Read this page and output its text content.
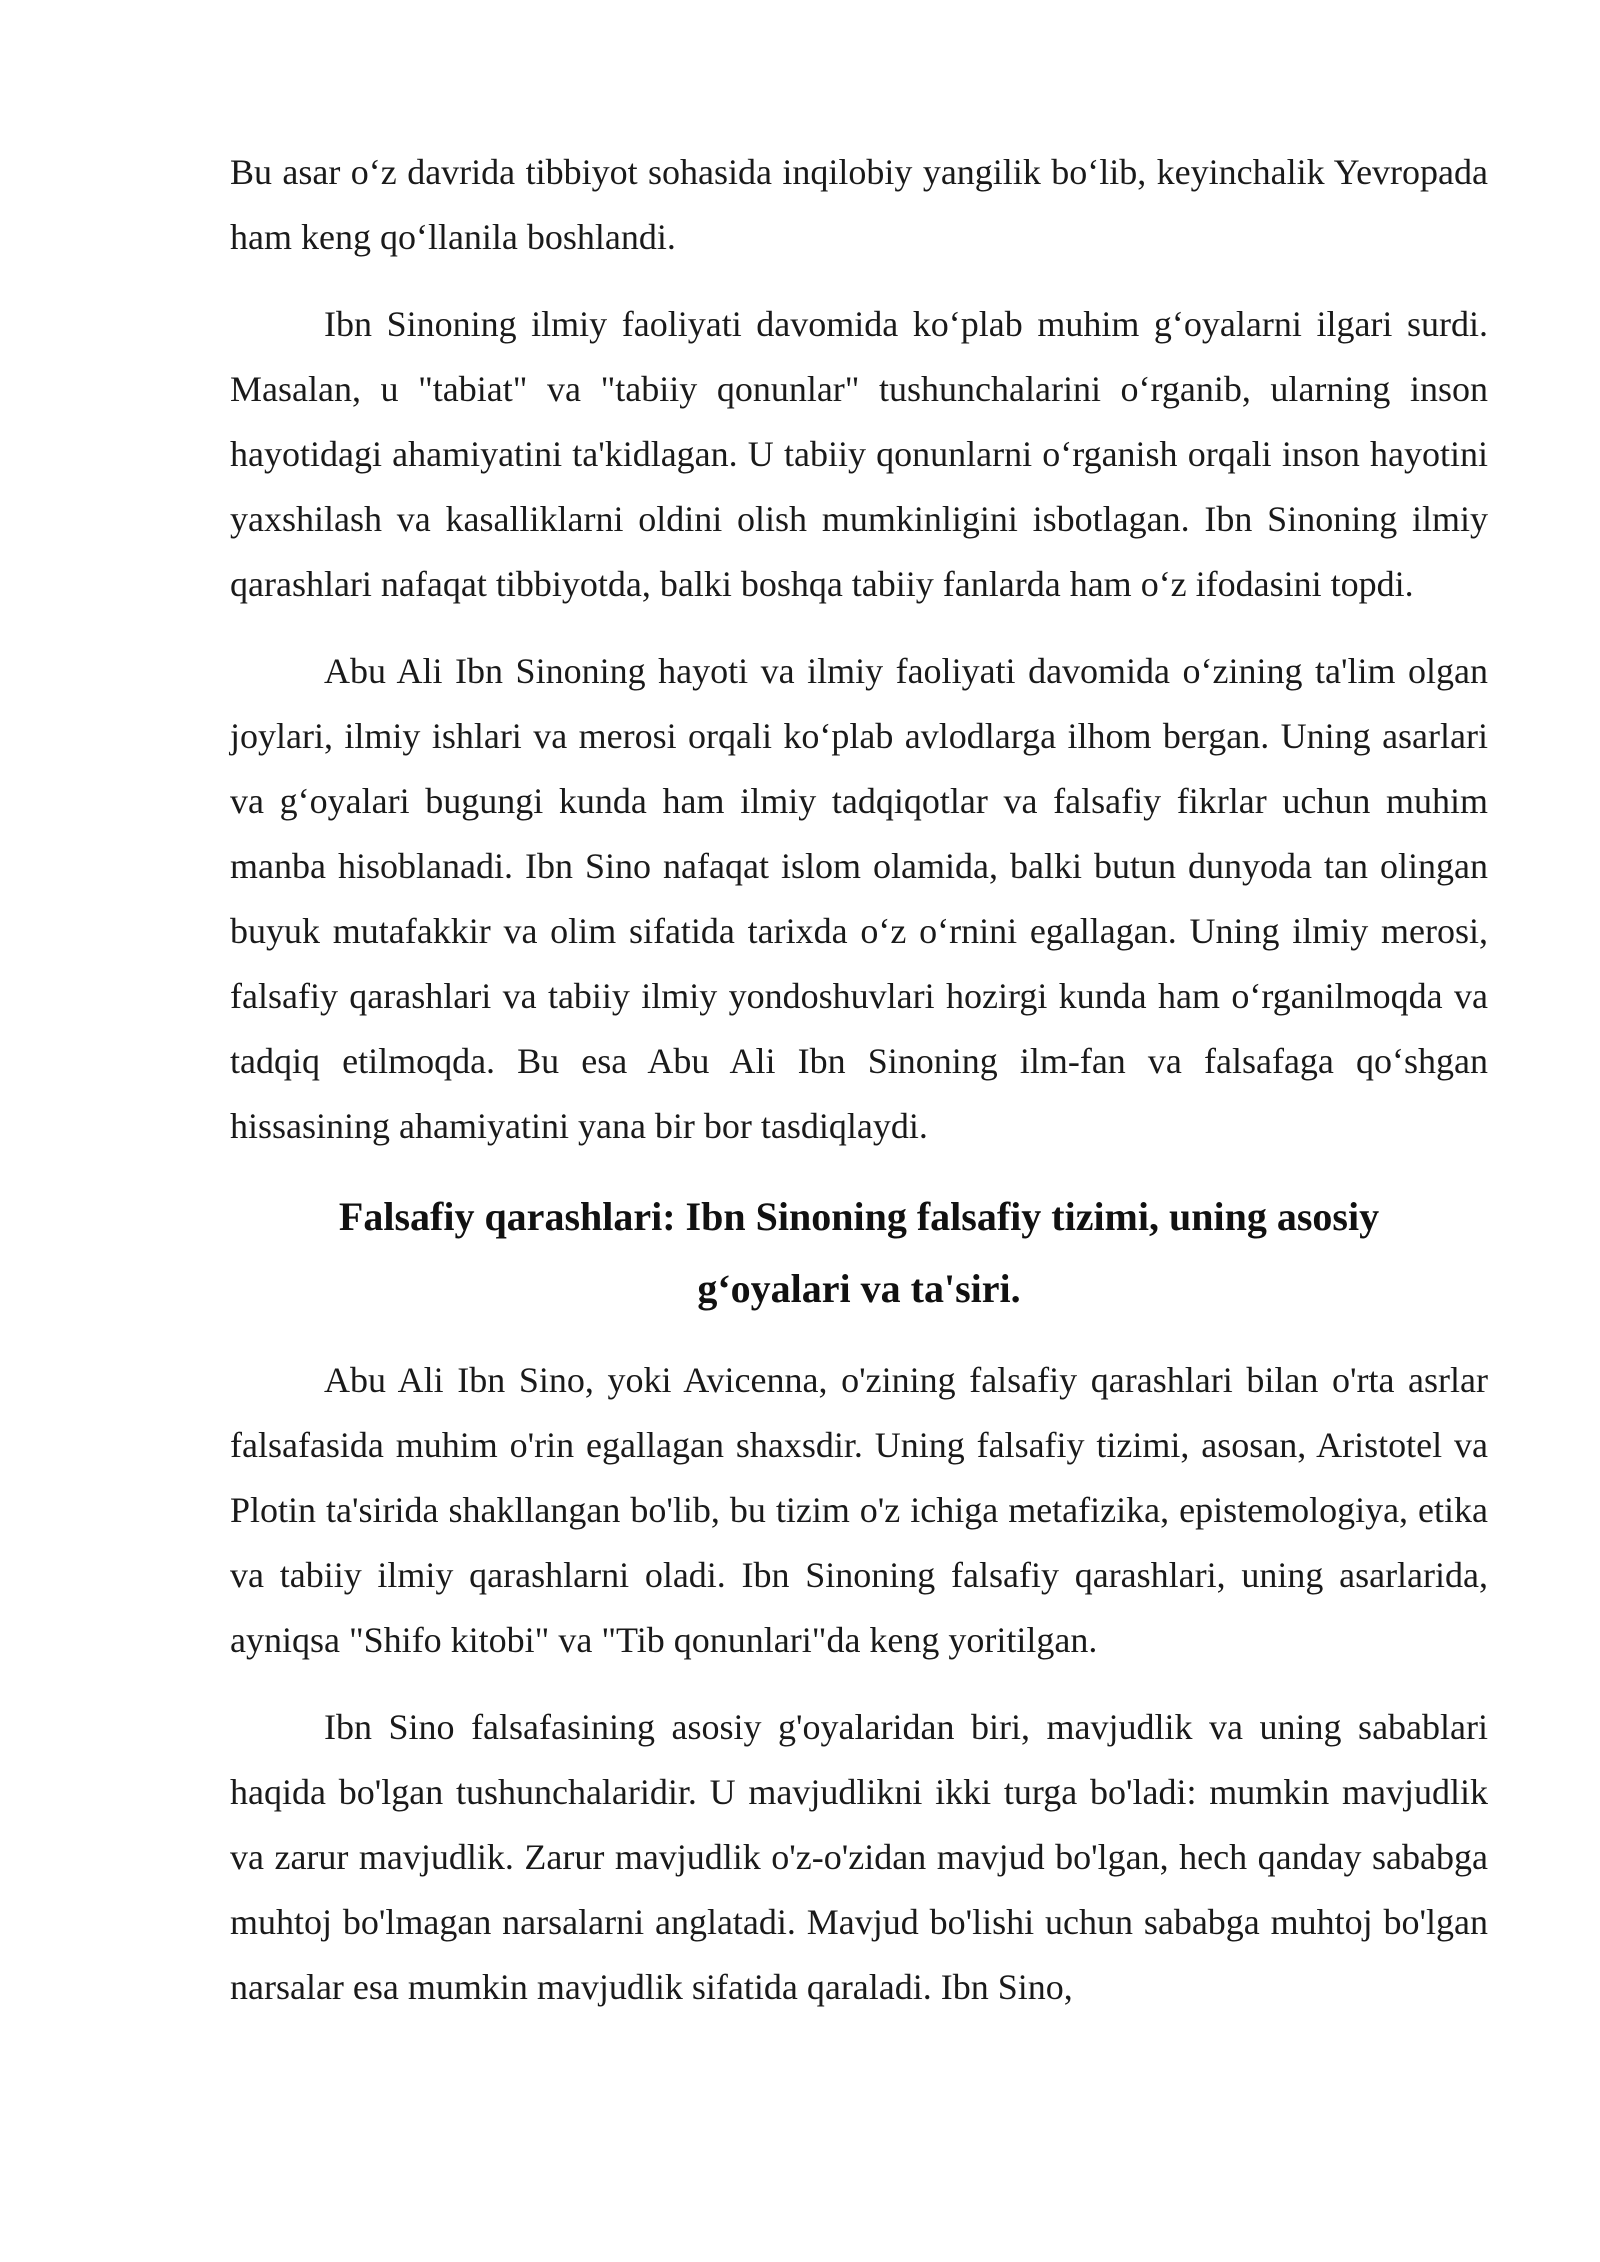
Bu asar o‘z davrida tibbiyot sohasida inqilobiy yangilik bo‘lib, keyinchalik Yevropada ham keng qo‘llanila boshlandi.

Ibn Sinoning ilmiy faoliyati davomida ko‘plab muhim g‘oyalarni ilgari surdi. Masalan, u "tabiat" va "tabiiy qonunlar" tushunchalarini o‘rganib, ularning inson hayotidagi ahamiyatini ta'kidlagan. U tabiiy qonunlarni o‘rganish orqali inson hayotini yaxshilash va kasalliklarni oldini olish mumkinligini isbotlagan. Ibn Sinoning ilmiy qarashlari nafaqat tibbiyotda, balki boshqa tabiiy fanlarda ham o‘z ifodasini topdi.

Abu Ali Ibn Sinoning hayoti va ilmiy faoliyati davomida o‘zining ta'lim olgan joylari, ilmiy ishlari va merosi orqali ko‘plab avlodlarga ilhom bergan. Uning asarlari va g‘oyalari bugungi kunda ham ilmiy tadqiqotlar va falsafiy fikrlar uchun muhim manba hisoblanadi. Ibn Sino nafaqat islom olamida, balki butun dunyoda tan olingan buyuk mutafakkir va olim sifatida tarixda o‘z o‘rnini egallagan. Uning ilmiy merosi, falsafiy qarashlari va tabiiy ilmiy yondoshuvlari hozirgi kunda ham o‘rganilmoqda va tadqiq etilmoqda. Bu esa Abu Ali Ibn Sinoning ilm-fan va falsafaga qo‘shgan hissasining ahamiyatini yana bir bor tasdiqlaydi.

Falsafiy qarashlari: Ibn Sinoning falsafiy tizimi, uning asosiy
g‘oyalari va ta'siri.

Abu Ali Ibn Sino, yoki Avicenna, o'zining falsafiy qarashlari bilan o'rta asrlar falsafasida muhim o'rin egallagan shaxsdir. Uning falsafiy tizimi, asosan, Aristotel va Plotin ta'sirida shakllangan bo'lib, bu tizim o'z ichiga metafizika, epistemologiya, etika va tabiiy ilmiy qarashlarni oladi. Ibn Sinoning falsafiy qarashlari, uning asarlarida, ayniqsa "Shifo kitobi" va "Tib qonunlari"da keng yoritilgan.

Ibn Sino falsafasining asosiy g'oyalaridan biri, mavjudlik va uning sabablari haqida bo'lgan tushunchalaridir. U mavjudlikni ikki turga bo'ladi: mumkin mavjudlik va zarur mavjudlik. Zarur mavjudlik o'z-o'zidan mavjud bo'lgan, hech qanday sababga muhtoj bo'lmagan narsalarni anglatadi. Mavjud bo'lishi uchun sababga muhtoj bo'lgan narsalar esa mumkin mavjudlik sifatida qaraladi. Ibn Sino,
